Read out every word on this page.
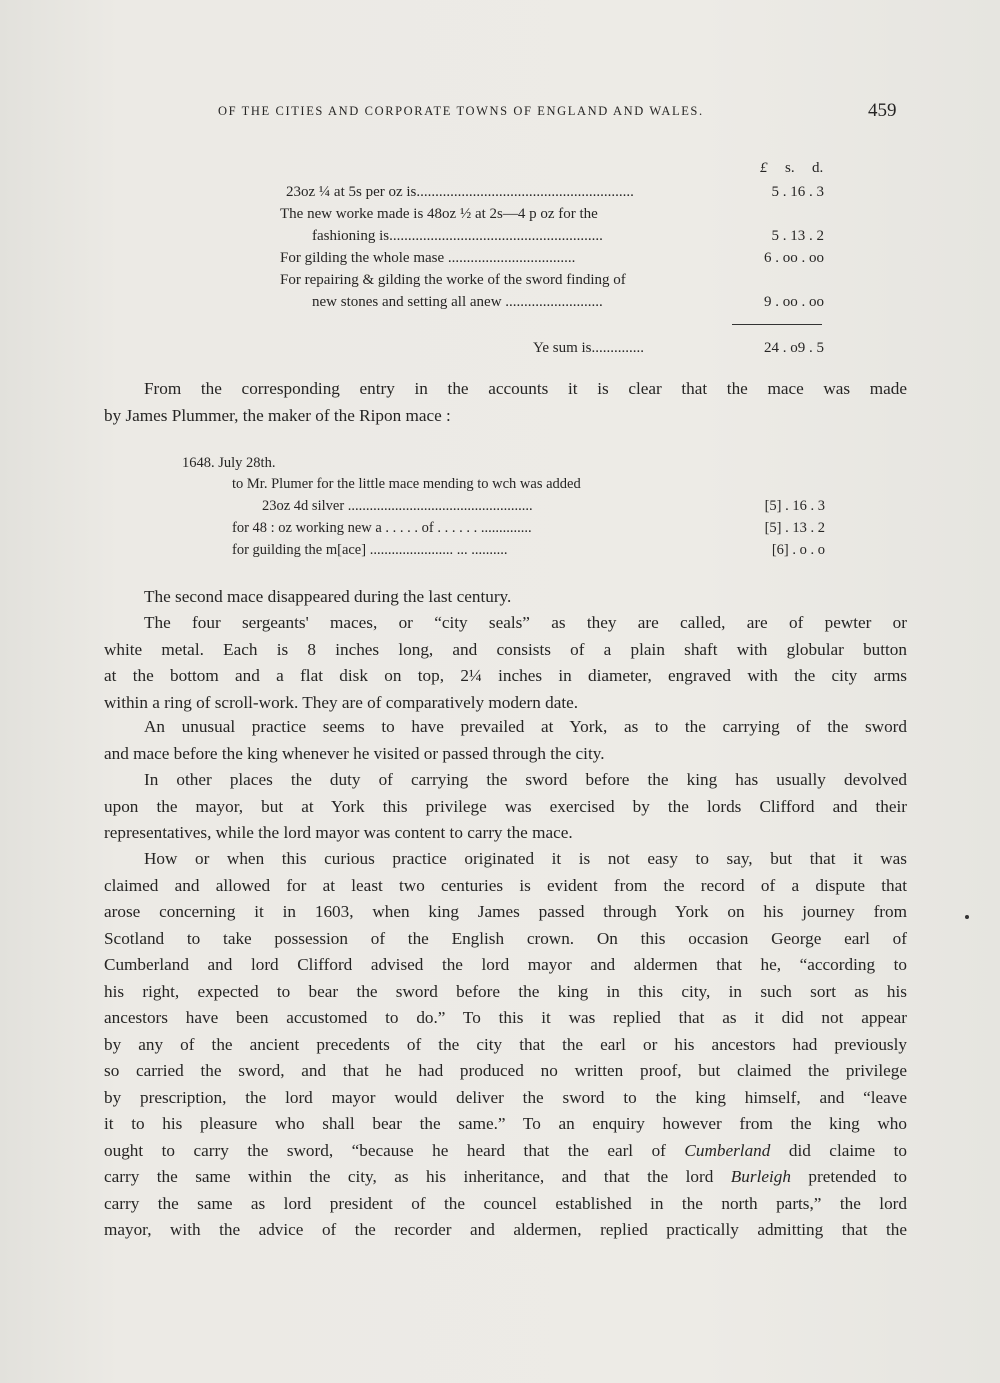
OF THE CITIES AND CORPORATE TOWNS OF ENGLAND AND WALES.	459
£ s. d.
23oz ¼ at 5s per oz is..........................................................	5 . 16 . 3
The new worke made is 48oz ½ at 2s—4 p oz for the
fashioning is.........................................................	5 . 13 . 2
For gilding the whole mase ..................................	6 . oo . oo
For repairing & gilding the worke of the sword finding of
new stones and setting all anew ..........................	9 . oo . oo
Ye sum is..............	24 . o9 . 5
From the corresponding entry in the accounts it is clear that the mace was made
by James Plummer, the maker of the Ripon mace :
1648. July 28th.
to Mr. Plumer for the little mace mending to wch was added
23oz 4d silver ...................................................	[5] . 16 . 3
for 48 : oz working new a . . . . . of . . . . . . ..............	[5] . 13 . 2
for guilding the m[ace] ....................... ... ..........	[6] . o . o
The second mace disappeared during the last century.
The four sergeants' maces, or “city seals” as they are called, are of pewter or
white metal. Each is 8 inches long, and consists of a plain shaft with globular button
at the bottom and a flat disk on top, 2¼ inches in diameter, engraved with the city arms
within a ring of scroll-work. They are of comparatively modern date.
An unusual practice seems to have prevailed at York, as to the carrying of the sword
and mace before the king whenever he visited or passed through the city.
In other places the duty of carrying the sword before the king has usually devolved
upon the mayor, but at York this privilege was exercised by the lords Clifford and their
representatives, while the lord mayor was content to carry the mace.
How or when this curious practice originated it is not easy to say, but that it was
claimed and allowed for at least two centuries is evident from the record of a dispute that
arose concerning it in 1603, when king James passed through York on his journey from
Scotland to take possession of the English crown. On this occasion George earl of
Cumberland and lord Clifford advised the lord mayor and aldermen that he, “according to
his right, expected to bear the sword before the king in this city, in such sort as his
ancestors have been accustomed to do.” To this it was replied that as it did not appear
by any of the ancient precedents of the city that the earl or his ancestors had previously
so carried the sword, and that he had produced no written proof, but claimed the privilege
by prescription, the lord mayor would deliver the sword to the king himself, and “leave
it to his pleasure who shall bear the same.” To an enquiry however from the king who
ought to carry the sword, “because he heard that the earl of Cumberland did claime to
carry the same within the city, as his inheritance, and that the lord Burleigh pretended to
carry the same as lord president of the councel established in the north parts,” the lord
mayor, with the advice of the recorder and aldermen, replied practically admitting that the
